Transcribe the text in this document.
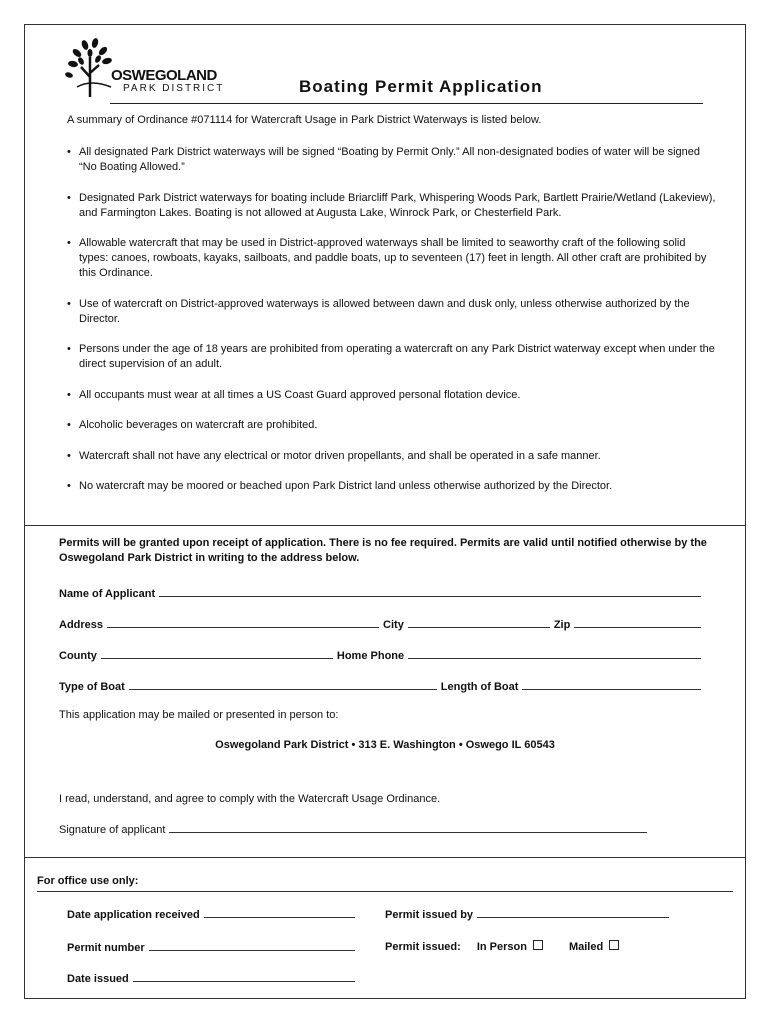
OSWEGOLAND
PARK DISTRICT	Boating Permit Application
A summary of Ordinance #071114 for Watercraft Usage in Park District Waterways is listed below.
• All designated Park District waterways will be signed “Boating by Permit Only.” All non-designated bodies of water will be signed “No Boating Allowed.”
• Designated Park District waterways for boating include Briarcliff Park, Whispering Woods Park, Bartlett Prairie/Wetland (Lakeview), and Farmington Lakes. Boating is not allowed at Augusta Lake, Winrock Park, or Chesterfield Park.
• Allowable watercraft that may be used in District-approved waterways shall be limited to seaworthy craft of the following solid types: canoes, rowboats, kayaks, sailboats, and paddle boats, up to seventeen (17) feet in length. All other craft are prohibited by this Ordinance.
• Use of watercraft on District-approved waterways is allowed between dawn and dusk only, unless otherwise authorized by the Director.
• Persons under the age of 18 years are prohibited from operating a watercraft on any Park District waterway except when under the direct supervision of an adult.
• All occupants must wear at all times a US Coast Guard approved personal flotation device.
• Alcoholic beverages on watercraft are prohibited.
• Watercraft shall not have any electrical or motor driven propellants, and shall be operated in a safe manner.
• No watercraft may be moored or beached upon Park District land unless otherwise authorized by the Director.
Permits will be granted upon receipt of application. There is no fee required. Permits are valid until notified otherwise by the Oswegoland Park District in writing to the address below.
Name of Applicant
Address	City	Zip
County	Home Phone
Type of Boat	Length of Boat
This application may be mailed or presented in person to:
Oswegoland Park District • 313 E. Washington • Oswego IL 60543
I read, understand, and agree to comply with the Watercraft Usage Ordinance.
Signature of applicant
For office use only:
Date application received	Permit issued by
Permit number	Permit issued: In Person	Mailed
Date issued
